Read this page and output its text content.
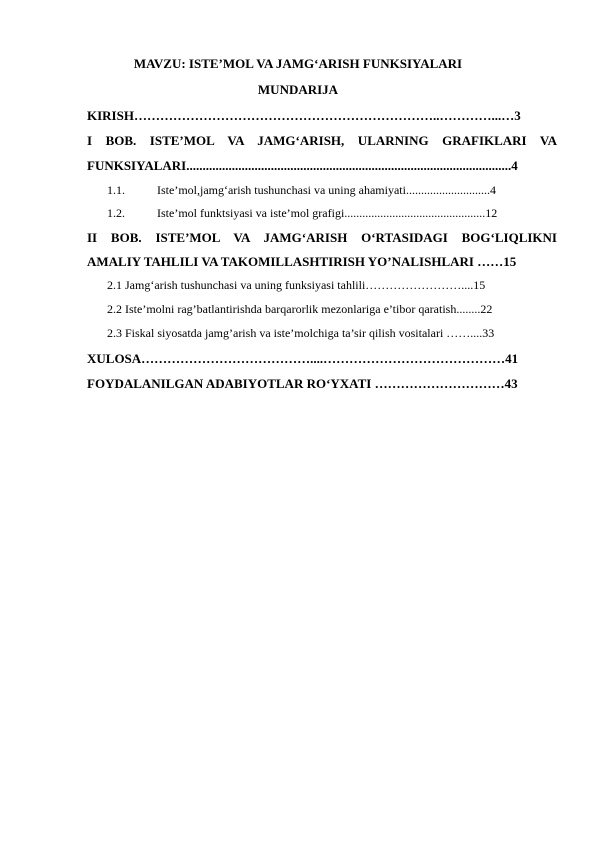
MAVZU: ISTE’MOL VA JAMG‘ARISH FUNKSIYALARI
MUNDARIJA
KIRISH……………………………………………………………..…………...…3
I BOB. ISTE’MOL VA JAMG‘ARISH, ULARNING GRAFIKLARI VA
FUNKSIYALARI....................................................................................................4
1.1.	Iste’mol,jamg‘arish tushunchasi va uning ahamiyati............................4
1.2.	Iste’mol funktsiyasi va iste’mol grafigi...............................................12
II BOB. ISTE’MOL VA JAMG‘ARISH O‘RTASIDAGI BOG‘LIQLIKNI
AMALIY TAHLILI VA TAKOMILLASHTIRISH YO’NALISHLARI ……15
2.1 Jamg‘arish tushunchasi va uning funksiyasi tahlili……………………....15
2.2 Iste’molni rag’batlantirishda barqarorlik mezonlariga e’tibor qaratish........22
2.3 Fiskal siyosatda jamg’arish va iste’molchiga ta’sir qilish vositalari ……....33
XULOSA…………………………………....……………………………………41
FOYDALANILGAN ADABIYOTLAR RO‘YXATI …………………………43
